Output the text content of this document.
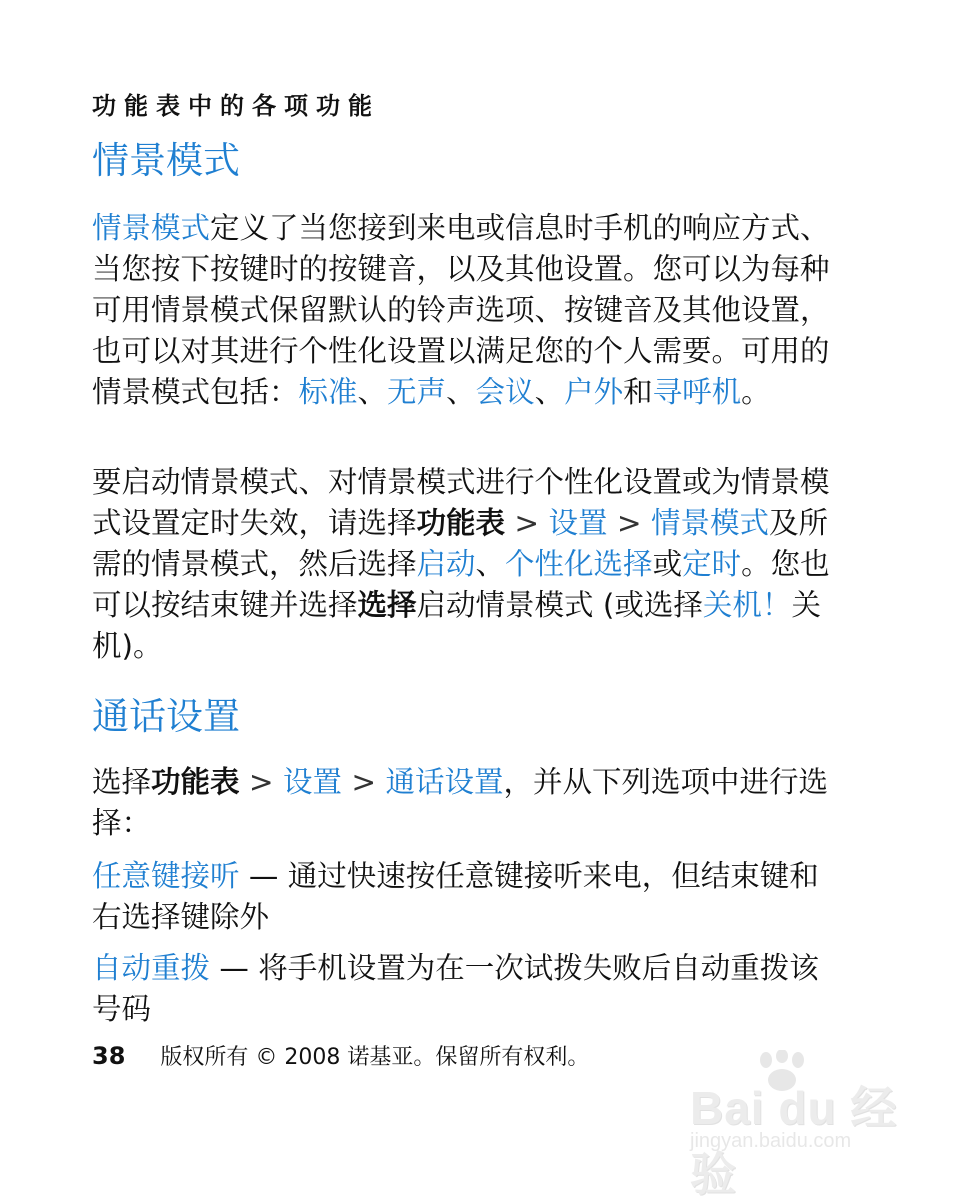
功能表中的各项功能
情景模式

情景模式定义了当您接到来电或信息时手机的响应方式、当您按下按键时的按键音，以及其他设置。您可以为每种可用情景模式保留默认的铃声选项、按键音及其他设置，也可以对其进行个性化设置以满足您的个人需要。可用的情景模式包括：标准、无声、会议、户外和寻呼机。

要启动情景模式、对情景模式进行个性化设置或为情景模式设置定时失效，请选择功能表 > 设置 > 情景模式及所需的情景模式，然后选择启动、个性化选择或定时。您也可以按结束键并选择选择启动情景模式 (或选择关机！关机)。

通话设置

选择功能表 > 设置 > 通话设置，并从下列选项中进行选择：

任意键接听 — 通过快速按任意键接听来电，但结束键和右选择键除外

自动重拨 — 将手机设置为在一次试拨失败后自动重拨该号码

38 版权所有 © 2008 诺基亚。保留所有权利。
Bai du 经验
jingyan.baidu.com
